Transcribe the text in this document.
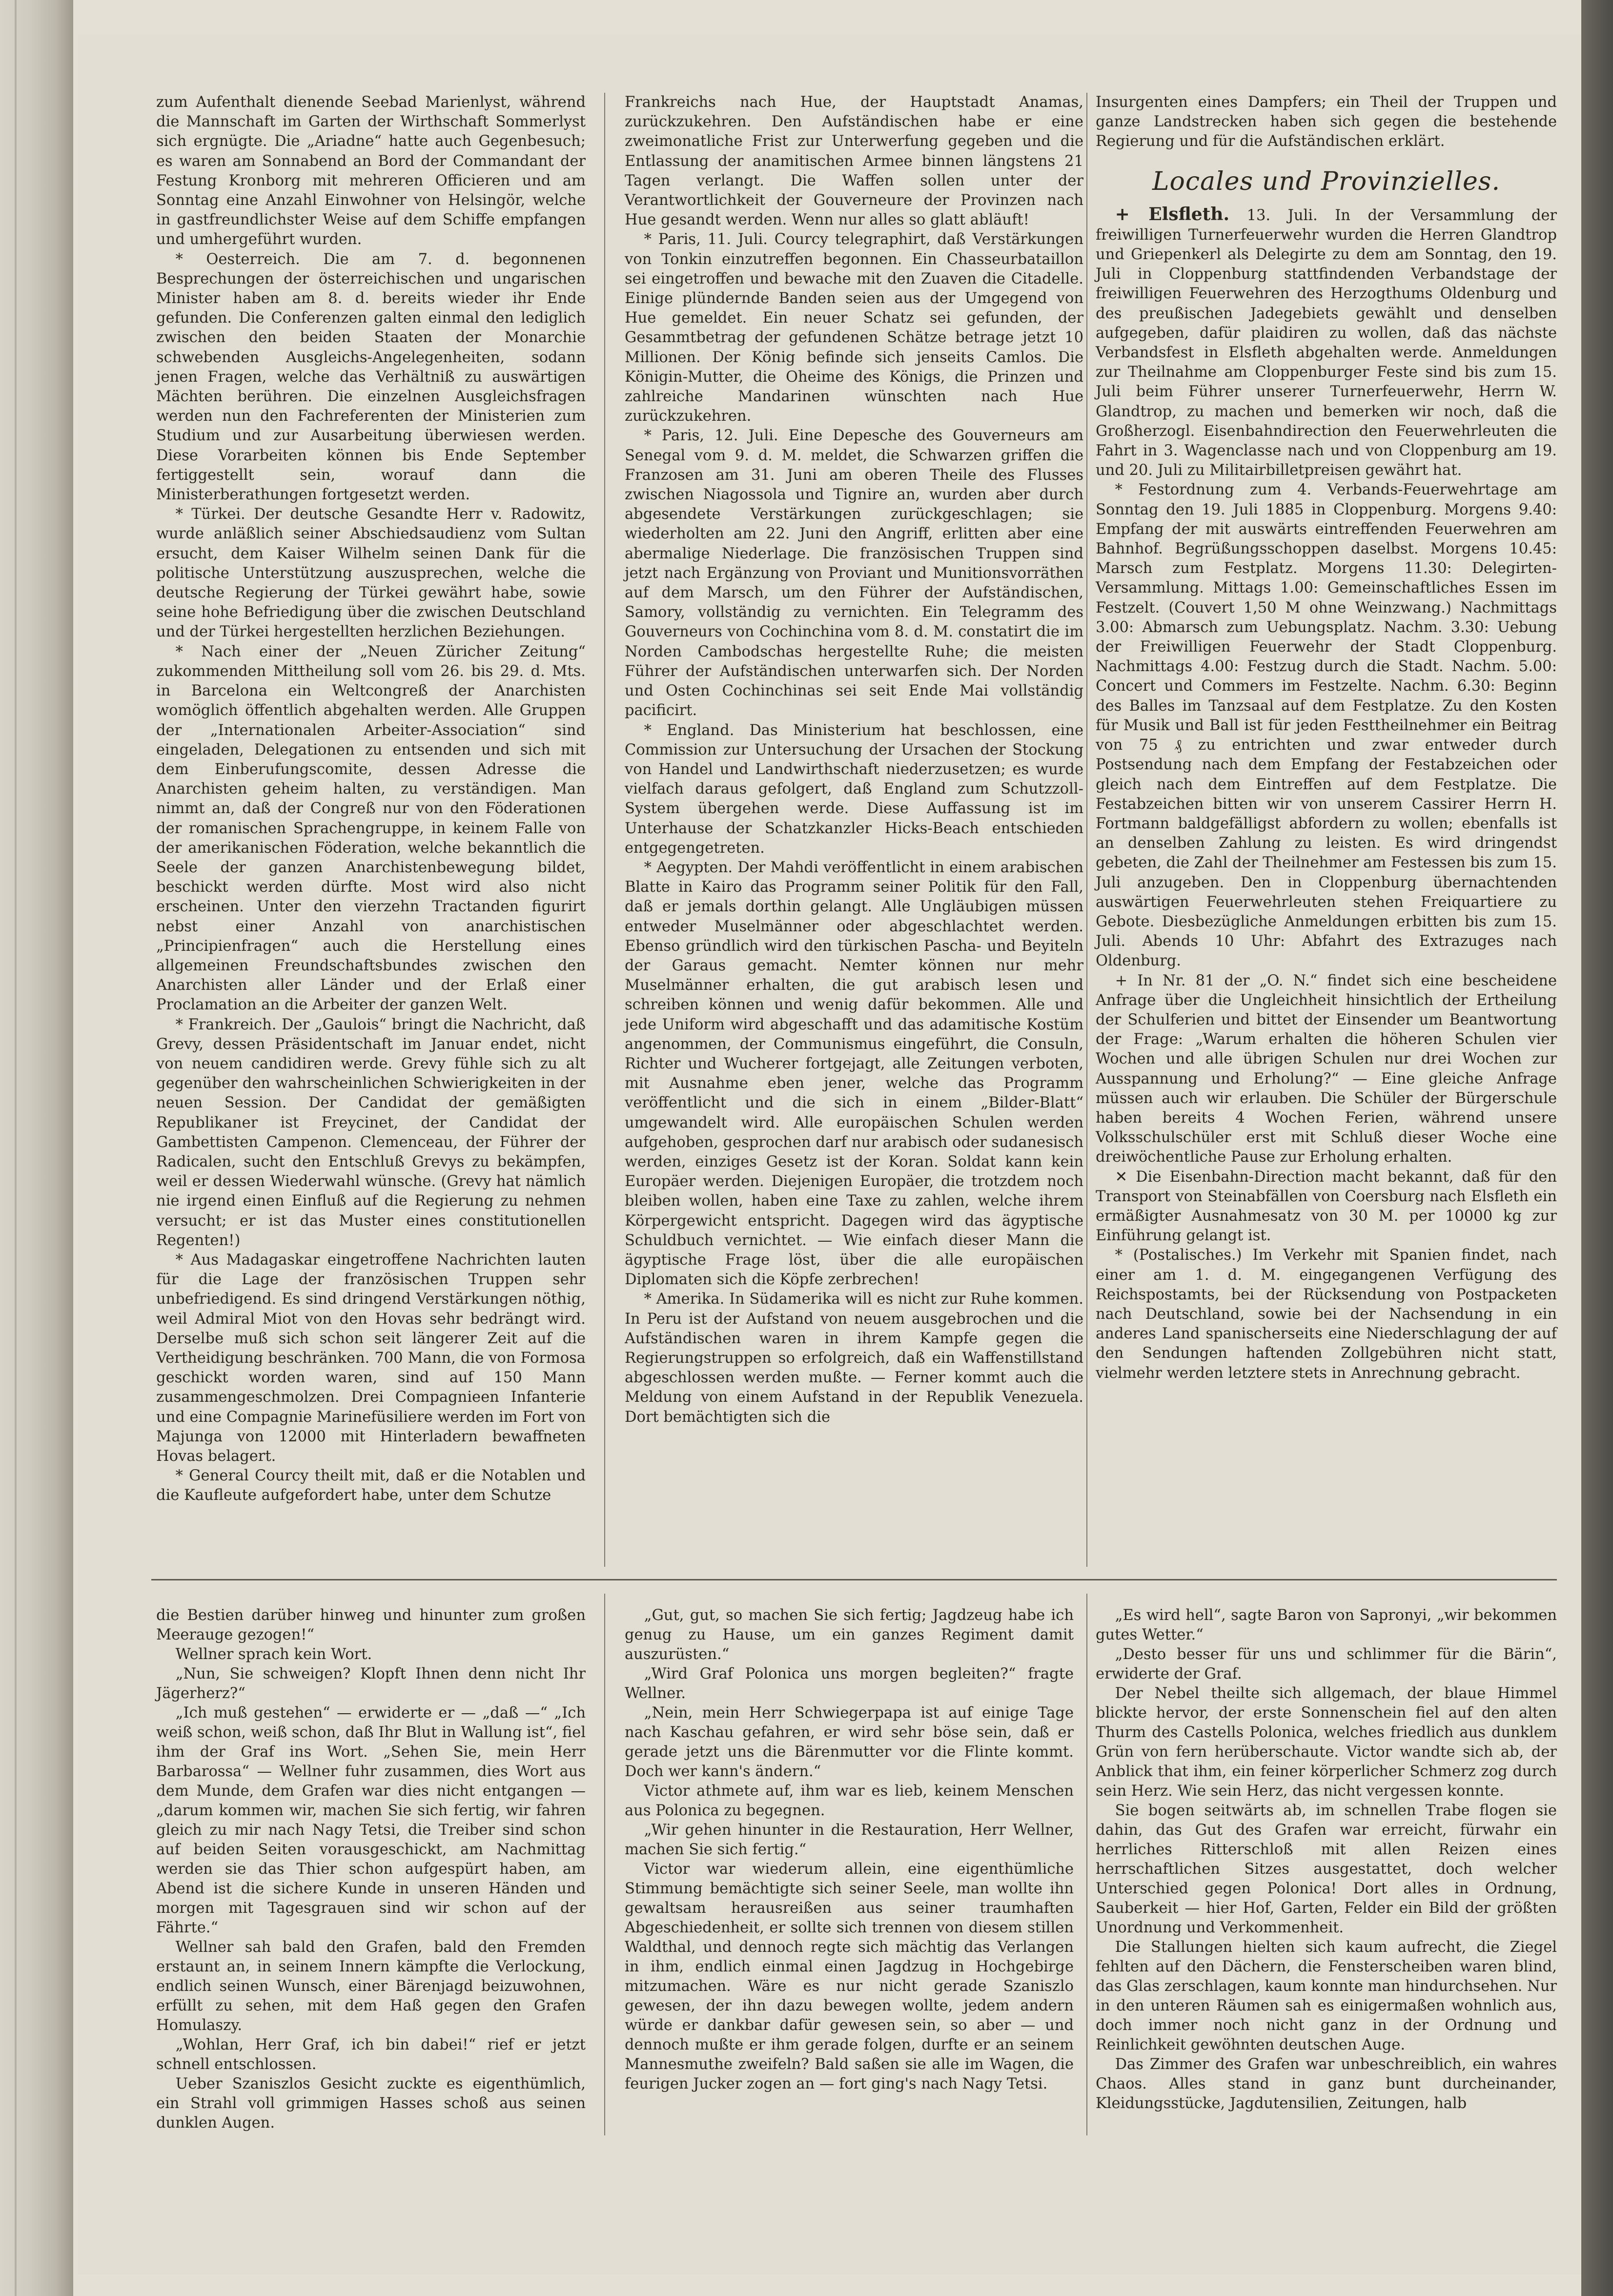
zum Aufenthalt dienende Seebad Marienlyst, während die Mannschaft im Garten der Wirthschaft Sommerlyst sich ergnügte. Die „Ariadne“ hatte auch Gegenbesuch; es waren am Sonnabend an Bord der Commandant der Festung Kronborg mit mehreren Officieren und am Sonntag eine Anzahl Einwohner von Helsingör, welche in gastfreundlichster Weise auf dem Schiffe empfangen und umhergeführt wurden.

* Oesterreich. Die am 7. d. begonnenen Besprechungen der österreichischen und ungarischen Minister haben am 8. d. bereits wieder ihr Ende gefunden. Die Conferenzen galten einmal den lediglich zwischen den beiden Staaten der Monarchie schwebenden Ausgleichs-Angelegenheiten, sodann jenen Fragen, welche das Verhältniß zu auswärtigen Mächten berühren. Die einzelnen Ausgleichsfragen werden nun den Fachreferenten der Ministerien zum Studium und zur Ausarbeitung überwiesen werden. Diese Vorarbeiten können bis Ende September fertiggestellt sein, worauf dann die Ministerberathungen fortgesetzt werden.

* Türkei. Der deutsche Gesandte Herr v. Radowitz, wurde anläßlich seiner Abschiedsaudienz vom Sultan ersucht, dem Kaiser Wilhelm seinen Dank für die politische Unterstützung auszusprechen, welche die deutsche Regierung der Türkei gewährt habe, sowie seine hohe Befriedigung über die zwischen Deutschland und der Türkei hergestellten herzlichen Beziehungen.

* Nach einer der „Neuen Züricher Zeitung“ zukommenden Mittheilung soll vom 26. bis 29. d. Mts. in Barcelona ein Weltcongreß der Anarchisten womöglich öffentlich abgehalten werden. Alle Gruppen der „Internationalen Arbeiter-Association“ sind eingeladen, Delegationen zu entsenden und sich mit dem Einberufungscomite, dessen Adresse die Anarchisten geheim halten, zu verständigen. Man nimmt an, daß der Congreß nur von den Föderationen der romanischen Sprachengruppe, in keinem Falle von der amerikanischen Föderation, welche bekanntlich die Seele der ganzen Anarchistenbewegung bildet, beschickt werden dürfte. Most wird also nicht erscheinen. Unter den vierzehn Tractanden figurirt nebst einer Anzahl von anarchistischen „Principienfragen“ auch die Herstellung eines allgemeinen Freundschaftsbundes zwischen den Anarchisten aller Länder und der Erlaß einer Proclamation an die Arbeiter der ganzen Welt.

* Frankreich. Der „Gaulois“ bringt die Nachricht, daß Grevy, dessen Präsidentschaft im Januar endet, nicht von neuem candidiren werde. Grevy fühle sich zu alt gegenüber den wahrscheinlichen Schwierigkeiten in der neuen Session. Der Candidat der gemäßigten Republikaner ist Freycinet, der Candidat der Gambettisten Campenon. Clemenceau, der Führer der Radicalen, sucht den Entschluß Grevys zu bekämpfen, weil er dessen Wiederwahl wünsche. (Grevy hat nämlich nie irgend einen Einfluß auf die Regierung zu nehmen versucht; er ist das Muster eines constitutionellen Regenten!)

* Aus Madagaskar eingetroffene Nachrichten lauten für die Lage der französischen Truppen sehr unbefriedigend. Es sind dringend Verstärkungen nöthig, weil Admiral Miot von den Hovas sehr bedrängt wird. Derselbe muß sich schon seit längerer Zeit auf die Vertheidigung beschränken. 700 Mann, die von Formosa geschickt worden waren, sind auf 150 Mann zusammengeschmolzen. Drei Compagnieen Infanterie und eine Compagnie Marinefüsiliere werden im Fort von Majunga von 12000 mit Hinterladern bewaffneten Hovas belagert.

* General Courcy theilt mit, daß er die Notablen und die Kaufleute aufgefordert habe, unter dem Schutze

Frankreichs nach Hue, der Hauptstadt Anamas, zurückzukehren. Den Aufständischen habe er eine zweimonatliche Frist zur Unterwerfung gegeben und die Entlassung der anamitischen Armee binnen längstens 21 Tagen verlangt. Die Waffen sollen unter der Verantwortlichkeit der Gouverneure der Provinzen nach Hue gesandt werden. Wenn nur alles so glatt abläuft!

* Paris, 11. Juli. Courcy telegraphirt, daß Verstärkungen von Tonkin einzutreffen begonnen. Ein Chasseurbataillon sei eingetroffen und bewache mit den Zuaven die Citadelle. Einige plündernde Banden seien aus der Umgegend von Hue gemeldet. Ein neuer Schatz sei gefunden, der Gesammtbetrag der gefundenen Schätze betrage jetzt 10 Millionen. Der König befinde sich jenseits Camlos. Die Königin-Mutter, die Oheime des Königs, die Prinzen und zahlreiche Mandarinen wünschten nach Hue zurückzukehren.

* Paris, 12. Juli. Eine Depesche des Gouverneurs am Senegal vom 9. d. M. meldet, die Schwarzen griffen die Franzosen am 31. Juni am oberen Theile des Flusses zwischen Niagossola und Tignire an, wurden aber durch abgesendete Verstärkungen zurückgeschlagen; sie wiederholten am 22. Juni den Angriff, erlitten aber eine abermalige Niederlage. Die französischen Truppen sind jetzt nach Ergänzung von Proviant und Munitionsvorräthen auf dem Marsch, um den Führer der Aufständischen, Samory, vollständig zu vernichten. Ein Telegramm des Gouverneurs von Cochinchina vom 8. d. M. constatirt die im Norden Cambodschas hergestellte Ruhe; die meisten Führer der Aufständischen unterwarfen sich. Der Norden und Osten Cochinchinas sei seit Ende Mai vollständig pacificirt.

* England. Das Ministerium hat beschlossen, eine Commission zur Untersuchung der Ursachen der Stockung von Handel und Landwirthschaft niederzusetzen; es wurde vielfach daraus gefolgert, daß England zum Schutzzoll-System übergehen werde. Diese Auffassung ist im Unterhause der Schatzkanzler Hicks-Beach entschieden entgegengetreten.

* Aegypten. Der Mahdi veröffentlicht in einem arabischen Blatte in Kairo das Programm seiner Politik für den Fall, daß er jemals dorthin gelangt. Alle Ungläubigen müssen entweder Muselmänner oder abgeschlachtet werden. Ebenso gründlich wird den türkischen Pascha- und Beyiteln der Garaus gemacht. Nemter können nur mehr Muselmänner erhalten, die gut arabisch lesen und schreiben können und wenig dafür bekommen. Alle und jede Uniform wird abgeschafft und das adamitische Kostüm angenommen, der Communismus eingeführt, die Consuln, Richter und Wucherer fortgejagt, alle Zeitungen verboten, mit Ausnahme eben jener, welche das Programm veröffentlicht und die sich in einem „Bilder-Blatt“ umgewandelt wird. Alle europäischen Schulen werden aufgehoben, gesprochen darf nur arabisch oder sudanesisch werden, einziges Gesetz ist der Koran. Soldat kann kein Europäer werden. Diejenigen Europäer, die trotzdem noch bleiben wollen, haben eine Taxe zu zahlen, welche ihrem Körpergewicht entspricht. Dagegen wird das ägyptische Schuldbuch vernichtet. — Wie einfach dieser Mann die ägyptische Frage löst, über die alle europäischen Diplomaten sich die Köpfe zerbrechen!

* Amerika. In Südamerika will es nicht zur Ruhe kommen. In Peru ist der Aufstand von neuem ausgebrochen und die Aufständischen waren in ihrem Kampfe gegen die Regierungstruppen so erfolgreich, daß ein Waffenstillstand abgeschlossen werden mußte. — Ferner kommt auch die Meldung von einem Aufstand in der Republik Venezuela. Dort bemächtigten sich die

Insurgenten eines Dampfers; ein Theil der Truppen und ganze Landstrecken haben sich gegen die bestehende Regierung und für die Aufständischen erklärt.

Locales und Provinzielles.

+ Elsfleth. 13. Juli. In der Versammlung der freiwilligen Turnerfeuerwehr wurden die Herren Glandtrop und Griepenkerl als Delegirte zu dem am Sonntag, den 19. Juli in Cloppenburg stattfindenden Verbandstage der freiwilligen Feuerwehren des Herzogthums Oldenburg und des preußischen Jadegebiets gewählt und denselben aufgegeben, dafür plaidiren zu wollen, daß das nächste Verbandsfest in Elsfleth abgehalten werde. Anmeldungen zur Theilnahme am Cloppenburger Feste sind bis zum 15. Juli beim Führer unserer Turnerfeuerwehr, Herrn W. Glandtrop, zu machen und bemerken wir noch, daß die Großherzogl. Eisenbahndirection den Feuerwehrleuten die Fahrt in 3. Wagenclasse nach und von Cloppenburg am 19. und 20. Juli zu Militairbilletpreisen gewährt hat.

* Festordnung zum 4. Verbands-Feuerwehrtage am Sonntag den 19. Juli 1885 in Cloppenburg. Morgens 9.40: Empfang der mit auswärts eintreffenden Feuerwehren am Bahnhof. Begrüßungsschoppen daselbst. Morgens 10.45: Marsch zum Festplatz. Morgens 11.30: Delegirten-Versammlung. Mittags 1.00: Gemeinschaftliches Essen im Festzelt. (Couvert 1,50 M ohne Weinzwang.) Nachmittags 3.00: Abmarsch zum Uebungsplatz. Nachm. 3.30: Uebung der Freiwilligen Feuerwehr der Stadt Cloppenburg. Nachmittags 4.00: Festzug durch die Stadt. Nachm. 5.00: Concert und Commers im Festzelte. Nachm. 6.30: Beginn des Balles im Tanzsaal auf dem Festplatze. Zu den Kosten für Musik und Ball ist für jeden Festtheilnehmer ein Beitrag von 75 ₰ zu entrichten und zwar entweder durch Postsendung nach dem Empfang der Festabzeichen oder gleich nach dem Eintreffen auf dem Festplatze. Die Festabzeichen bitten wir von unserem Cassirer Herrn H. Fortmann baldgefälligst abfordern zu wollen; ebenfalls ist an denselben Zahlung zu leisten. Es wird dringendst gebeten, die Zahl der Theilnehmer am Festessen bis zum 15. Juli anzugeben. Den in Cloppenburg übernachtenden auswärtigen Feuerwehrleuten stehen Freiquartiere zu Gebote. Diesbezügliche Anmeldungen erbitten bis zum 15. Juli. Abends 10 Uhr: Abfahrt des Extrazuges nach Oldenburg.

+ In Nr. 81 der „O. N.“ findet sich eine bescheidene Anfrage über die Ungleichheit hinsichtlich der Ertheilung der Schulferien und bittet der Einsender um Beantwortung der Frage: „Warum erhalten die höheren Schulen vier Wochen und alle übrigen Schulen nur drei Wochen zur Ausspannung und Erholung?“ — Eine gleiche Anfrage müssen auch wir erlauben. Die Schüler der Bürgerschule haben bereits 4 Wochen Ferien, während unsere Volksschulschüler erst mit Schluß dieser Woche eine dreiwöchentliche Pause zur Erholung erhalten.

✕ Die Eisenbahn-Direction macht bekannt, daß für den Transport von Steinabfällen von Coersburg nach Elsfleth ein ermäßigter Ausnahmesatz von 30 M. per 10000 kg zur Einführung gelangt ist.

* (Postalisches.) Im Verkehr mit Spanien findet, nach einer am 1. d. M. eingegangenen Verfügung des Reichspostamts, bei der Rücksendung von Postpacketen nach Deutschland, sowie bei der Nachsendung in ein anderes Land spanischerseits eine Niederschlagung der auf den Sendungen haftenden Zollgebühren nicht statt, vielmehr werden letztere stets in Anrechnung gebracht.

die Bestien darüber hinweg und hinunter zum großen Meerauge gezogen!“

Wellner sprach kein Wort.

„Nun, Sie schweigen? Klopft Ihnen denn nicht Ihr Jägerherz?“

„Ich muß gestehen“ — erwiderte er — „daß —“ „Ich weiß schon, weiß schon, daß Ihr Blut in Wallung ist“, fiel ihm der Graf ins Wort. „Sehen Sie, mein Herr Barbarossa“ — Wellner fuhr zusammen, dies Wort aus dem Munde, dem Grafen war dies nicht entgangen — „darum kommen wir, machen Sie sich fertig, wir fahren gleich zu mir nach Nagy Tetsi, die Treiber sind schon auf beiden Seiten vorausgeschickt, am Nachmittag werden sie das Thier schon aufgespürt haben, am Abend ist die sichere Kunde in unseren Händen und morgen mit Tagesgrauen sind wir schon auf der Fährte.“

Wellner sah bald den Grafen, bald den Fremden erstaunt an, in seinem Innern kämpfte die Verlockung, endlich seinen Wunsch, einer Bärenjagd beizuwohnen, erfüllt zu sehen, mit dem Haß gegen den Grafen Homulaszy.

„Wohlan, Herr Graf, ich bin dabei!“ rief er jetzt schnell entschlossen.

Ueber Szaniszlos Gesicht zuckte es eigenthümlich, ein Strahl voll grimmigen Hasses schoß aus seinen dunklen Augen.

„Gut, gut, so machen Sie sich fertig; Jagdzeug habe ich genug zu Hause, um ein ganzes Regiment damit auszurüsten.“

„Wird Graf Polonica uns morgen begleiten?“ fragte Wellner.

„Nein, mein Herr Schwiegerpapa ist auf einige Tage nach Kaschau gefahren, er wird sehr böse sein, daß er gerade jetzt uns die Bärenmutter vor die Flinte kommt. Doch wer kann's ändern.“

Victor athmete auf, ihm war es lieb, keinem Menschen aus Polonica zu begegnen.

„Wir gehen hinunter in die Restauration, Herr Wellner, machen Sie sich fertig.“

Victor war wiederum allein, eine eigenthümliche Stimmung bemächtigte sich seiner Seele, man wollte ihn gewaltsam herausreißen aus seiner traumhaften Abgeschiedenheit, er sollte sich trennen von diesem stillen Waldthal, und dennoch regte sich mächtig das Verlangen in ihm, endlich einmal einen Jagdzug in Hochgebirge mitzumachen. Wäre es nur nicht gerade Szaniszlo gewesen, der ihn dazu bewegen wollte, jedem andern würde er dankbar dafür gewesen sein, so aber — und dennoch mußte er ihm gerade folgen, durfte er an seinem Mannesmuthe zweifeln? Bald saßen sie alle im Wagen, die feurigen Jucker zogen an — fort ging's nach Nagy Tetsi.

„Es wird hell“, sagte Baron von Sapronyi, „wir bekommen gutes Wetter.“

„Desto besser für uns und schlimmer für die Bärin“, erwiderte der Graf.

Der Nebel theilte sich allgemach, der blaue Himmel blickte hervor, der erste Sonnenschein fiel auf den alten Thurm des Castells Polonica, welches friedlich aus dunklem Grün von fern herüberschaute. Victor wandte sich ab, der Anblick that ihm, ein feiner körperlicher Schmerz zog durch sein Herz. Wie sein Herz, das nicht vergessen konnte.

Sie bogen seitwärts ab, im schnellen Trabe flogen sie dahin, das Gut des Grafen war erreicht, fürwahr ein herrliches Ritterschloß mit allen Reizen eines herrschaftlichen Sitzes ausgestattet, doch welcher Unterschied gegen Polonica! Dort alles in Ordnung, Sauberkeit — hier Hof, Garten, Felder ein Bild der größten Unordnung und Verkommenheit.

Die Stallungen hielten sich kaum aufrecht, die Ziegel fehlten auf den Dächern, die Fensterscheiben waren blind, das Glas zerschlagen, kaum konnte man hindurchsehen. Nur in den unteren Räumen sah es einigermaßen wohnlich aus, doch immer noch nicht ganz in der Ordnung und Reinlichkeit gewöhnten deutschen Auge.

Das Zimmer des Grafen war unbeschreiblich, ein wahres Chaos. Alles stand in ganz bunt durcheinander, Kleidungsstücke, Jagdutensilien, Zeitungen, halb
